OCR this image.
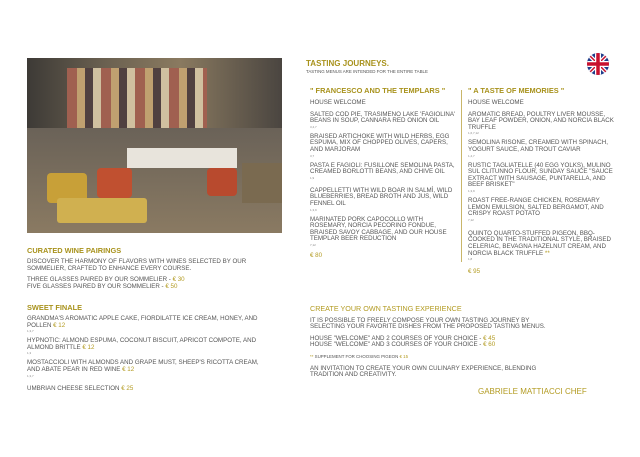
CURATED WINE PAIRINGS
DISCOVER THE HARMONY OF FLAVORS WITH WINES SELECTED BY OUR SOMMELIER, CRAFTED TO ENHANCE EVERY COURSE.
THREE GLASSES PAIRED BY OUR SOMMELIER - € 30
FIVE GLASSES PAIRED BY OUR SOMMELIER - € 50
SWEET FINALE
GRANDMA'S AROMATIC APPLE CAKE, FIORDILATTE ICE CREAM, HONEY, AND POLLEN € 12
1,3,7
HYPNOTIC: ALMOND ESPUMA, COCONUT BISCUIT, APRICOT COMPOTE, AND ALMOND BRITTLE € 12
1,3
MOSTACCIOLI WITH ALMONDS AND GRAPE MUST, SHEEP'S RICOTTA CREAM, AND ABATE PEAR IN RED WINE € 12
1,3,7
UMBRIAN CHEESE SELECTION € 25
TASTING JOURNEYS.
TASTING MENUS ARE INTENDED FOR THE ENTIRE TABLE
" FRANCESCO AND THE TEMPLARS "
HOUSE WELCOME
SALTED COD PIE, TRASIMENO LAKE 'FAGIOLINA' BEANS IN SOUP, CANNARA RED ONION OIL
3,4,7
BRAISED ARTICHOKE WITH WILD HERBS, EGG ESPUMA, MIX OF CHOPPED OLIVES, CAPERS, AND MARJORAM
3,7
PASTA E FAGIOLI: FUSILLONE SEMOLINA PASTA, CREAMED BORLOTTI BEANS, AND CHIVE OIL
1,9
CAPPELLETTI WITH WILD BOAR IN SALMÌ, WILD BLUEBERRIES, BREAD BROTH AND JUS, WILD FENNEL OIL
1,3,9
MARINATED PORK CAPOCOLLO WITH ROSEMARY, NORCIA PECORINO FONDUE, BRAISED SAVOY CABBAGE, AND OUR HOUSE TEMPLAR BEER REDUCTION
7,12
€ 80
" A TASTE OF MEMORIES "
HOUSE WELCOME
AROMATIC BREAD, POULTRY LIVER MOUSSE, BAY LEAF POWDER, ONION, AND NORCIA BLACK TRUFFLE
1,6,7,12
SEMOLINA RISONE, CREAMED WITH SPINACH, YOGURT SAUCE, AND TROUT CAVIAR
1,4,7
RUSTIC TAGLIATELLE (40 EGG YOLKS), MULINO SUL CLITUNNO FLOUR, SUNDAY SAUCE "SAUCE EXTRACT WITH SAUSAGE, PUNTARELLA, AND BEEF BRISKET"
1,3,9
ROAST FREE-RANGE CHICKEN, ROSEMARY LEMON EMULSION, SALTED BERGAMOT, AND CRISPY ROAST POTATO
7,12
QUINTO QUARTO-STUFFED PIGEON, BBQ-COOKED IN THE TRADITIONAL STYLE, BRAISED CELERIAC, BEVAGNA HAZELNUT CREAM, AND NORCIA BLACK TRUFFLE **
1,8
€ 95
CREATE YOUR OWN TASTING EXPERIENCE
IT IS POSSIBLE TO FREELY COMPOSE YOUR OWN TASTING JOURNEY BY SELECTING YOUR FAVORITE DISHES FROM THE PROPOSED TASTING MENUS.
HOUSE "WELCOME" AND 2 COURSES OF YOUR CHOICE - € 45
HOUSE "WELCOME" AND 3 COURSES OF YOUR CHOICE - € 60
** SUPPLEMENT FOR CHOOSING PIGEON € 15
AN INVITATION TO CREATE YOUR OWN CULINARY EXPERIENCE, BLENDING TRADITION AND CREATIVITY.
GABRIELE MATTIACCI CHEF
